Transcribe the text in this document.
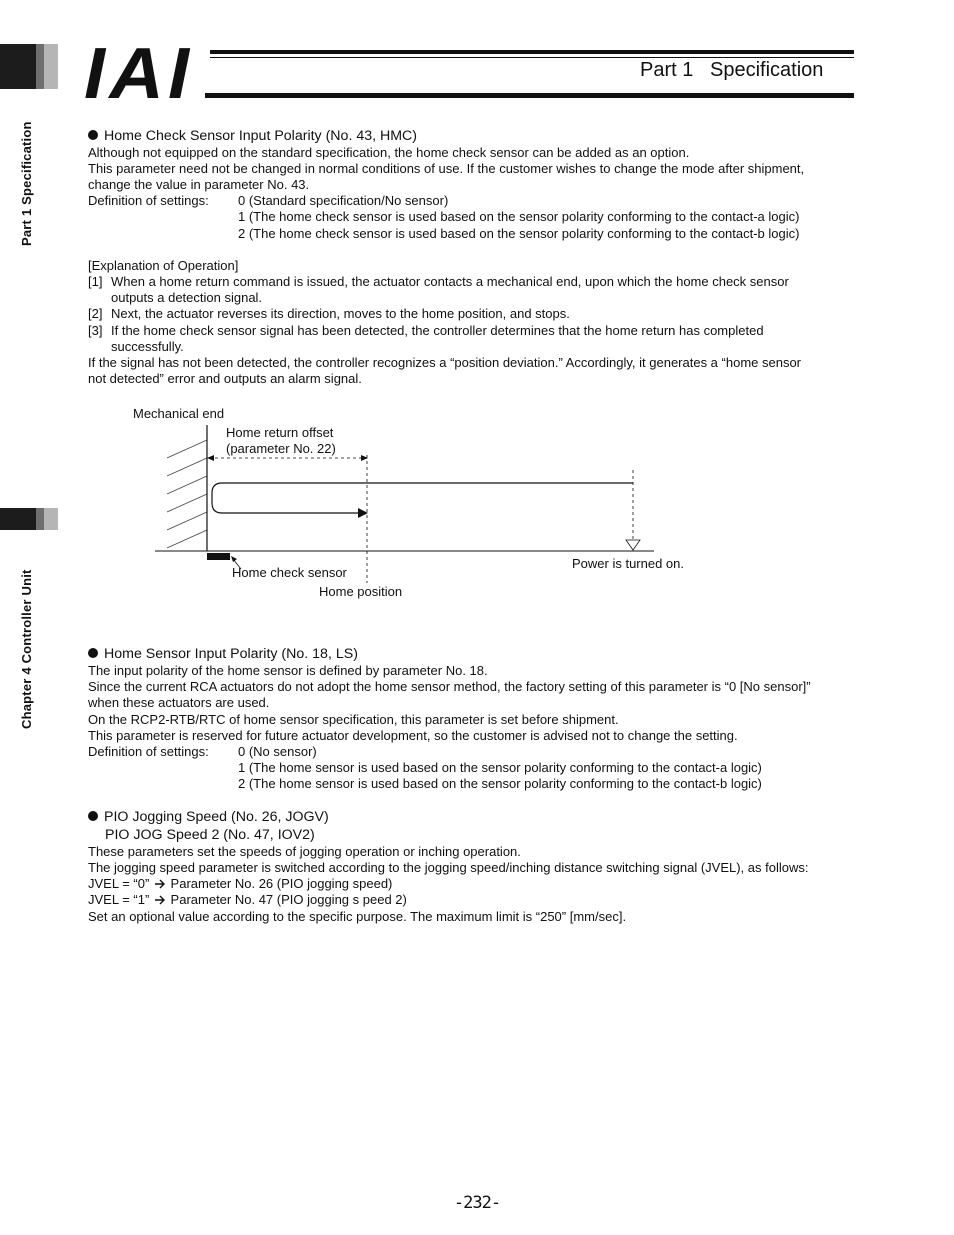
Part 1 Specification
Chapter 4 Controller Unit
IAI	Part 1   Specification
Home Check Sensor Input Polarity (No. 43, HMC)

Although not equipped on the standard specification, the home check sensor can be added as an option.

This parameter need not be changed in normal conditions of use. If the customer wishes to change the mode after shipment,

change the value in parameter No. 43.

Definition of settings: 0 (Standard specification/No sensor)

1 (The home check sensor is used based on the sensor polarity conforming to the contact-a logic)

2 (The home check sensor is used based on the sensor polarity conforming to the contact-b logic)

[Explanation of Operation]

[1] When a home return command is issued, the actuator contacts a mechanical end, upon which the home check sensor

outputs a detection signal.

[2] Next, the actuator reverses its direction, moves to the home position, and stops.

[3] If the home check sensor signal has been detected, the controller determines that the home return has completed

successfully.

If the signal has not been detected, the controller recognizes a “position deviation.” Accordingly, it generates a “home sensor

not detected” error and outputs an alarm signal.

Mechanical end
Home return offset
(parameter No. 22)
Home check sensor
Home position
Power is turned on.
Home Sensor Input Polarity (No. 18, LS)

The input polarity of the home sensor is defined by parameter No. 18.

Since the current RCA actuators do not adopt the home sensor method, the factory setting of this parameter is “0 [No sensor]”

when these actuators are used.

On the RCP2-RTB/RTC of home sensor specification, this parameter is set before shipment.

This parameter is reserved for future actuator development, so the customer is advised not to change the setting.

Definition of settings: 0 (No sensor)

1 (The home sensor is used based on the sensor polarity conforming to the contact-a logic)

2 (The home sensor is used based on the sensor polarity conforming to the contact-b logic)

PIO Jogging Speed (No. 26, JOGV)
PIO JOG Speed 2 (No. 47, IOV2)

These parameters set the speeds of jogging operation or inching operation.

The jogging speed parameter is switched according to the jogging speed/inching distance switching signal (JVEL), as follows:

JVEL = “0” Parameter No. 26 (PIO jogging speed)

JVEL = “1” Parameter No. 47 (PIO jogging s peed 2)

Set an optional value according to the specific purpose. The maximum limit is “250” [mm/sec].

-232-
